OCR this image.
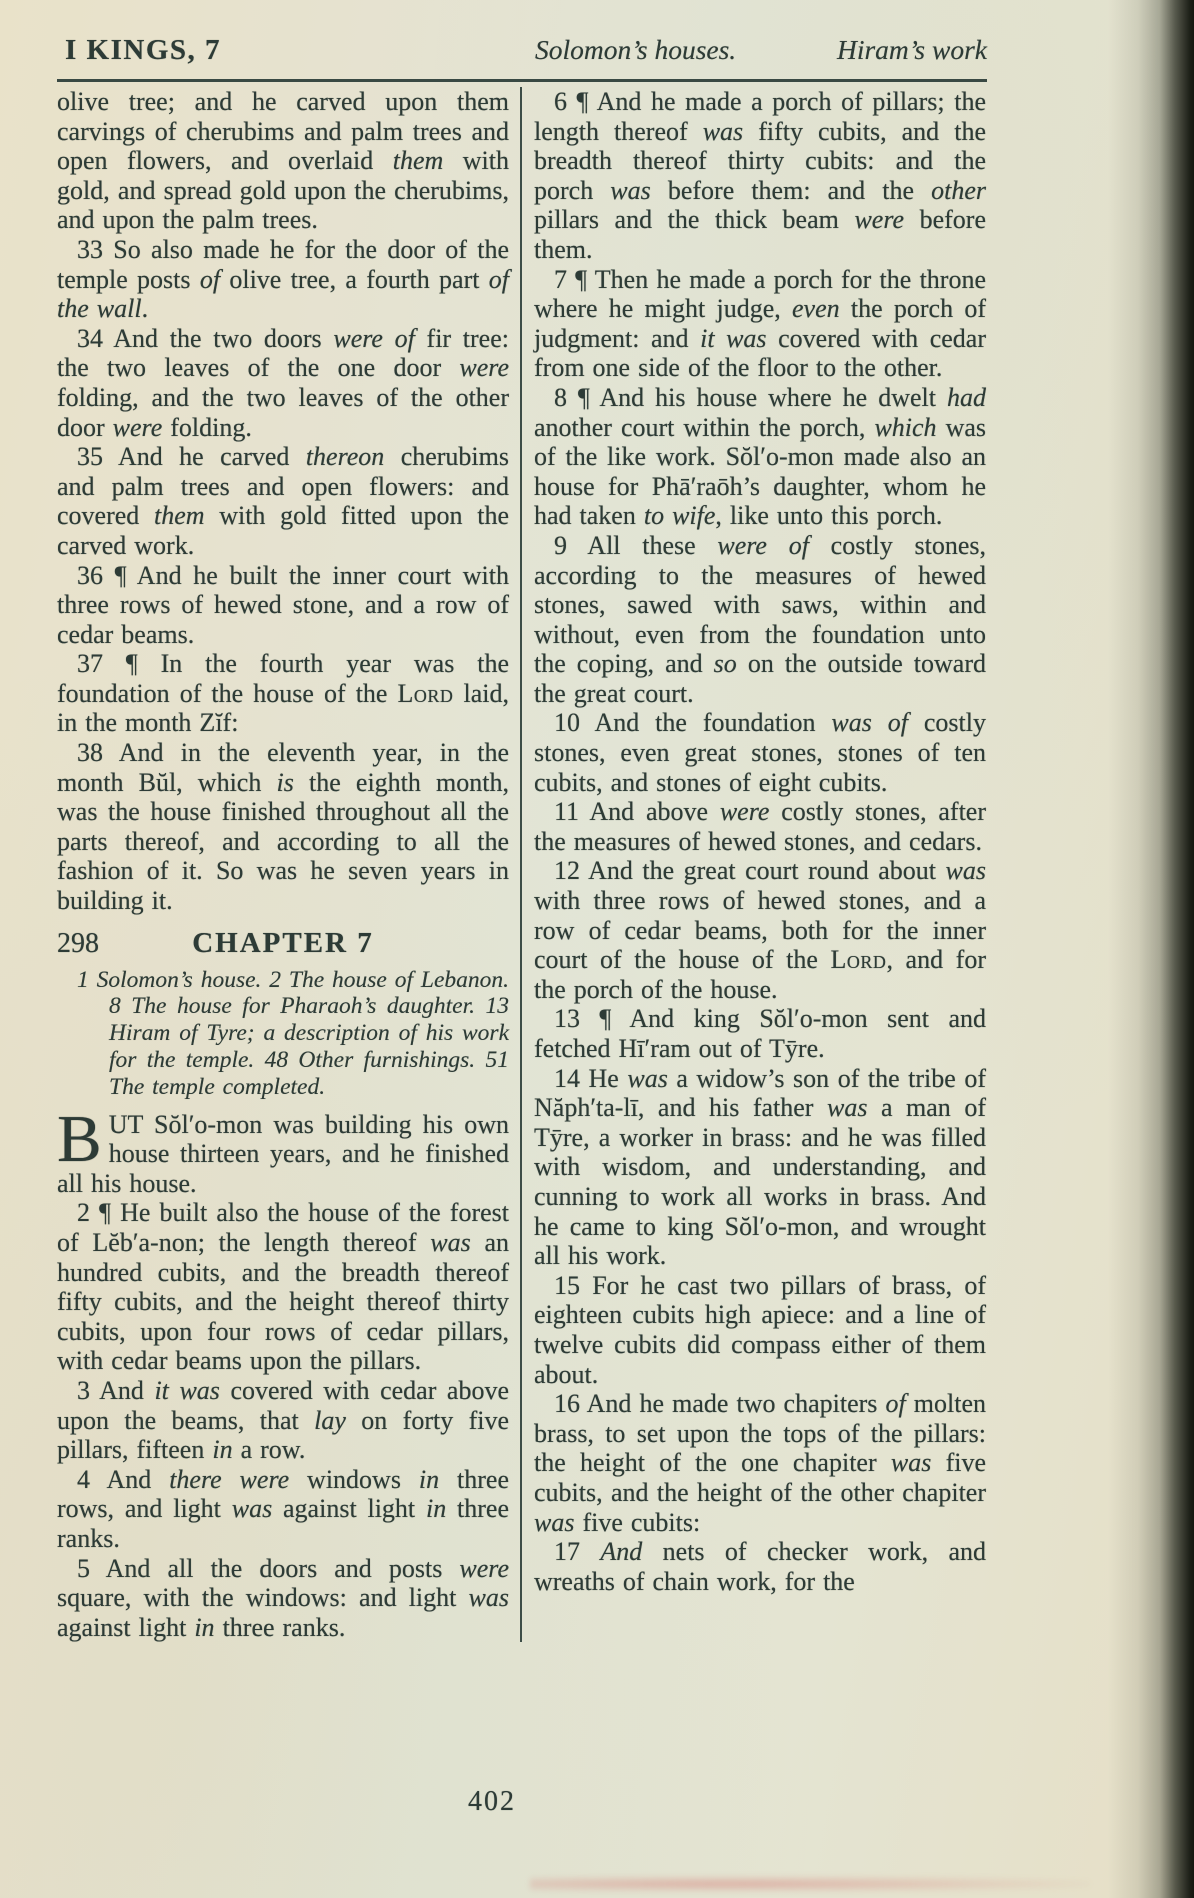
I KINGS, 7	Solomon’s houses.	Hiram’s work

olive tree; and he carved upon them carvings of cherubims and palm trees and open flowers, and overlaid them with gold, and spread gold upon the cherubims, and upon the palm trees.

33 So also made he for the door of the temple posts of olive tree, a fourth part of the wall.

34 And the two doors were of fir tree: the two leaves of the one door were folding, and the two leaves of the other door were folding.

35 And he carved thereon cherubims and palm trees and open flowers: and covered them with gold fitted upon the carved work.

36 ¶ And he built the inner court with three rows of hewed stone, and a row of cedar beams.

37 ¶ In the fourth year was the foundation of the house of the Lord laid, in the month Zĭf:

38 And in the eleventh year, in the month Bŭl, which is the eighth month, was the house finished throughout all the parts thereof, and according to all the fashion of it. So was he seven years in building it.

298	CHAPTER 7

1 Solomon’s house. 2 The house of Lebanon. 8 The house for Pharaoh’s daughter. 13 Hiram of Tyre; a description of his work for the temple. 48 Other furnishings. 51 The temple completed.

BUT Sŏl′o-mon was building his own house thirteen years, and he finished all his house.

2 ¶ He built also the house of the forest of Lĕb′a-non; the length thereof was an hundred cubits, and the breadth thereof fifty cubits, and the height thereof thirty cubits, upon four rows of cedar pillars, with cedar beams upon the pillars.

3 And it was covered with cedar above upon the beams, that lay on forty five pillars, fifteen in a row.

4 And there were windows in three rows, and light was against light in three ranks.

5 And all the doors and posts were square, with the windows: and light was against light in three ranks.

6 ¶ And he made a porch of pillars; the length thereof was fifty cubits, and the breadth thereof thirty cubits: and the porch was before them: and the other pillars and the thick beam were before them.

7 ¶ Then he made a porch for the throne where he might judge, even the porch of judgment: and it was covered with cedar from one side of the floor to the other.

8 ¶ And his house where he dwelt had another court within the porch, which was of the like work. Sŏl′o-mon made also an house for Phā′raōh’s daughter, whom he had taken to wife, like unto this porch.

9 All these were of costly stones, according to the measures of hewed stones, sawed with saws, within and without, even from the foundation unto the coping, and so on the outside toward the great court.

10 And the foundation was of costly stones, even great stones, stones of ten cubits, and stones of eight cubits.

11 And above were costly stones, after the measures of hewed stones, and cedars.

12 And the great court round about was with three rows of hewed stones, and a row of cedar beams, both for the inner court of the house of the Lord, and for the porch of the house.

13 ¶ And king Sŏl′o-mon sent and fetched Hī′ram out of Tȳre.

14 He was a widow’s son of the tribe of Năph′ta-lī, and his father was a man of Tȳre, a worker in brass: and he was filled with wisdom, and understanding, and cunning to work all works in brass. And he came to king Sŏl′o-mon, and wrought all his work.

15 For he cast two pillars of brass, of eighteen cubits high apiece: and a line of twelve cubits did compass either of them about.

16 And he made two chapiters of molten brass, to set upon the tops of the pillars: the height of the one chapiter was five cubits, and the height of the other chapiter was five cubits:

17 And nets of checker work, and wreaths of chain work, for the

402
